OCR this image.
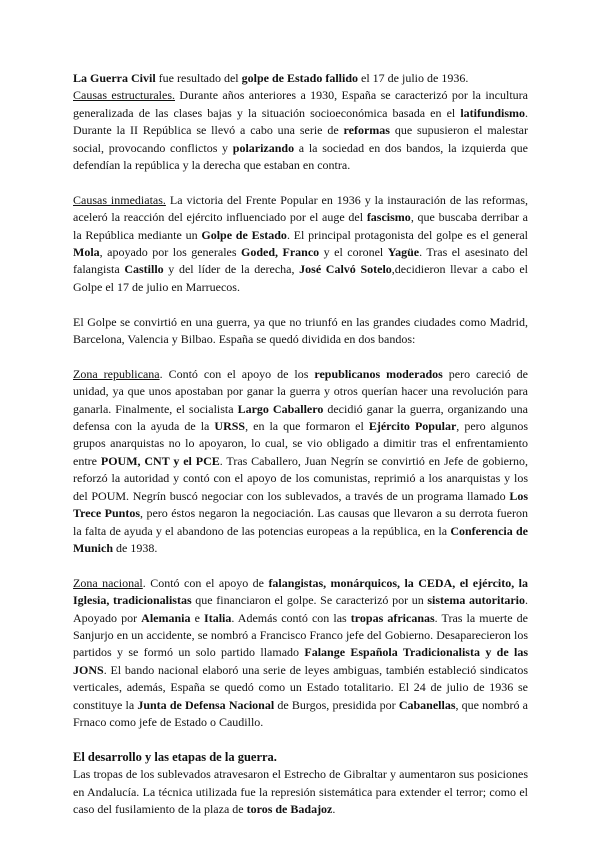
La Guerra Civil fue resultado del golpe de Estado fallido el 17 de julio de 1936.

Causas estructurales. Durante años anteriores a 1930, España se caracterizó por la incultura generalizada de las clases bajas y la situación socioeconómica basada en el latifundismo. Durante la II República se llevó a cabo una serie de reformas que supusieron el malestar social, provocando conflictos y polarizando a la sociedad en dos bandos, la izquierda que defendían la república y la derecha que estaban en contra.

Causas inmediatas. La victoria del Frente Popular en 1936 y la instauración de las reformas, aceleró la reacción del ejército influenciado por el auge del fascismo, que buscaba derribar a la República mediante un Golpe de Estado. El principal protagonista del golpe es el general Mola, apoyado por los generales Goded, Franco y el coronel Yagüe. Tras el asesinato del falangista Castillo y del líder de la derecha, José Calvó Sotelo,decidieron llevar a cabo el Golpe el 17 de julio en Marruecos.

El Golpe se convirtió en una guerra, ya que no triunfó en las grandes ciudades como Madrid, Barcelona, Valencia y Bilbao. España se quedó dividida en dos bandos:

Zona republicana. Contó con el apoyo de los republicanos moderados pero careció de unidad, ya que unos apostaban por ganar la guerra y otros querían hacer una revolución para ganarla. Finalmente, el socialista Largo Caballero decidió ganar la guerra, organizando una defensa con la ayuda de la URSS, en la que formaron el Ejército Popular, pero algunos grupos anarquistas no lo apoyaron, lo cual, se vio obligado a dimitir tras el enfrentamiento entre POUM, CNT y el PCE. Tras Caballero, Juan Negrín se convirtió en Jefe de gobierno, reforzó la autoridad y contó con el apoyo de los comunistas, reprimió a los anarquistas y los del POUM. Negrín buscó negociar con los sublevados, a través de un programa llamado Los Trece Puntos, pero éstos negaron la negociación. Las causas que llevaron a su derrota fueron la falta de ayuda y el abandono de las potencias europeas a la república, en la Conferencia de Munich de 1938.

Zona nacional. Contó con el apoyo de falangistas, monárquicos, la CEDA, el ejército, la Iglesia, tradicionalistas que financiaron el golpe. Se caracterizó por un sistema autoritario. Apoyado por Alemania e Italia. Además contó con las tropas africanas. Tras la muerte de Sanjurjo en un accidente, se nombró a Francisco Franco jefe del Gobierno. Desaparecieron los partidos y se formó un solo partido llamado Falange Española Tradicionalista y de las JONS. El bando nacional elaboró una serie de leyes ambiguas, también estableció sindicatos verticales, además, España se quedó como un Estado totalitario. El 24 de julio de 1936 se constituye la Junta de Defensa Nacional de Burgos, presidida por Cabanellas, que nombró a Frnaco como jefe de Estado o Caudillo.

El desarrollo y las etapas de la guerra.

Las tropas de los sublevados atravesaron el Estrecho de Gibraltar y aumentaron sus posiciones en Andalucía. La técnica utilizada fue la represión sistemática para extender el terror; como el caso del fusilamiento de la plaza de toros de Badajoz.
